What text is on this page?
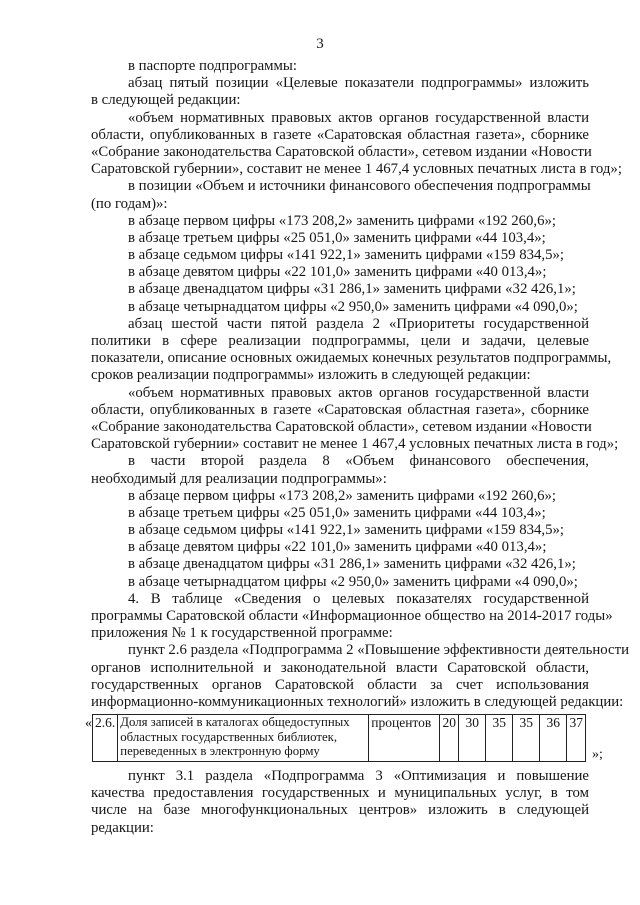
3
в паспорте подпрограммы:
абзац пятый позиции «Целевые показатели подпрограммы» изложить
в следующей редакции:
«объем нормативных правовых актов органов государственной власти
области, опубликованных в газете «Саратовская областная газета», сборнике
«Собрание законодательства Саратовской области», сетевом издании «Новости
Саратовской губернии», составит не менее 1 467,4 условных печатных листа в год»;
в позиции «Объем и источники финансового обеспечения подпрограммы
(по годам)»:
в абзаце первом цифры «173 208,2» заменить цифрами «192 260,6»;
в абзаце третьем цифры «25 051,0» заменить цифрами «44 103,4»;
в абзаце седьмом цифры «141 922,1» заменить цифрами «159 834,5»;
в абзаце девятом цифры «22 101,0» заменить цифрами «40 013,4»;
в абзаце двенадцатом цифры «31 286,1» заменить цифрами «32 426,1»;
в абзаце четырнадцатом цифры «2 950,0» заменить цифрами «4 090,0»;
абзац шестой части пятой раздела 2 «Приоритеты государственной
политики в сфере реализации подпрограммы, цели и задачи, целевые
показатели, описание основных ожидаемых конечных результатов подпрограммы,
сроков реализации подпрограммы» изложить в следующей редакции:
«объем нормативных правовых актов органов государственной власти
области, опубликованных в газете «Саратовская областная газета», сборнике
«Собрание законодательства Саратовской области», сетевом издании «Новости
Саратовской губернии» составит не менее 1 467,4 условных печатных листа в год»;
в части второй раздела 8 «Объем финансового обеспечения,
необходимый для реализации подпрограммы»:
в абзаце первом цифры «173 208,2» заменить цифрами «192 260,6»;
в абзаце третьем цифры «25 051,0» заменить цифрами «44 103,4»;
в абзаце седьмом цифры «141 922,1» заменить цифрами «159 834,5»;
в абзаце девятом цифры «22 101,0» заменить цифрами «40 013,4»;
в абзаце двенадцатом цифры «31 286,1» заменить цифрами «32 426,1»;
в абзаце четырнадцатом цифры «2 950,0» заменить цифрами «4 090,0»;
4. В таблице «Сведения о целевых показателях государственной
программы Саратовской области «Информационное общество на 2014-2017 годы»
приложения № 1 к государственной программе:
пункт 2.6 раздела «Подпрограмма 2 «Повышение эффективности деятельности
органов исполнительной и законодательной власти Саратовской области,
государственных органов Саратовской области за счет использования
информационно-коммуникационных технологий» изложить в следующей редакции:
« 2.6.	Доля записей в каталогах общедоступных областных государственных библиотек, переведенных в электронную форму	процентов	20	30	35	35	36	37
»;
пункт 3.1 раздела «Подпрограмма 3 «Оптимизация и повышение
качества предоставления государственных и муниципальных услуг, в том
числе на базе многофункциональных центров» изложить в следующей
редакции:
